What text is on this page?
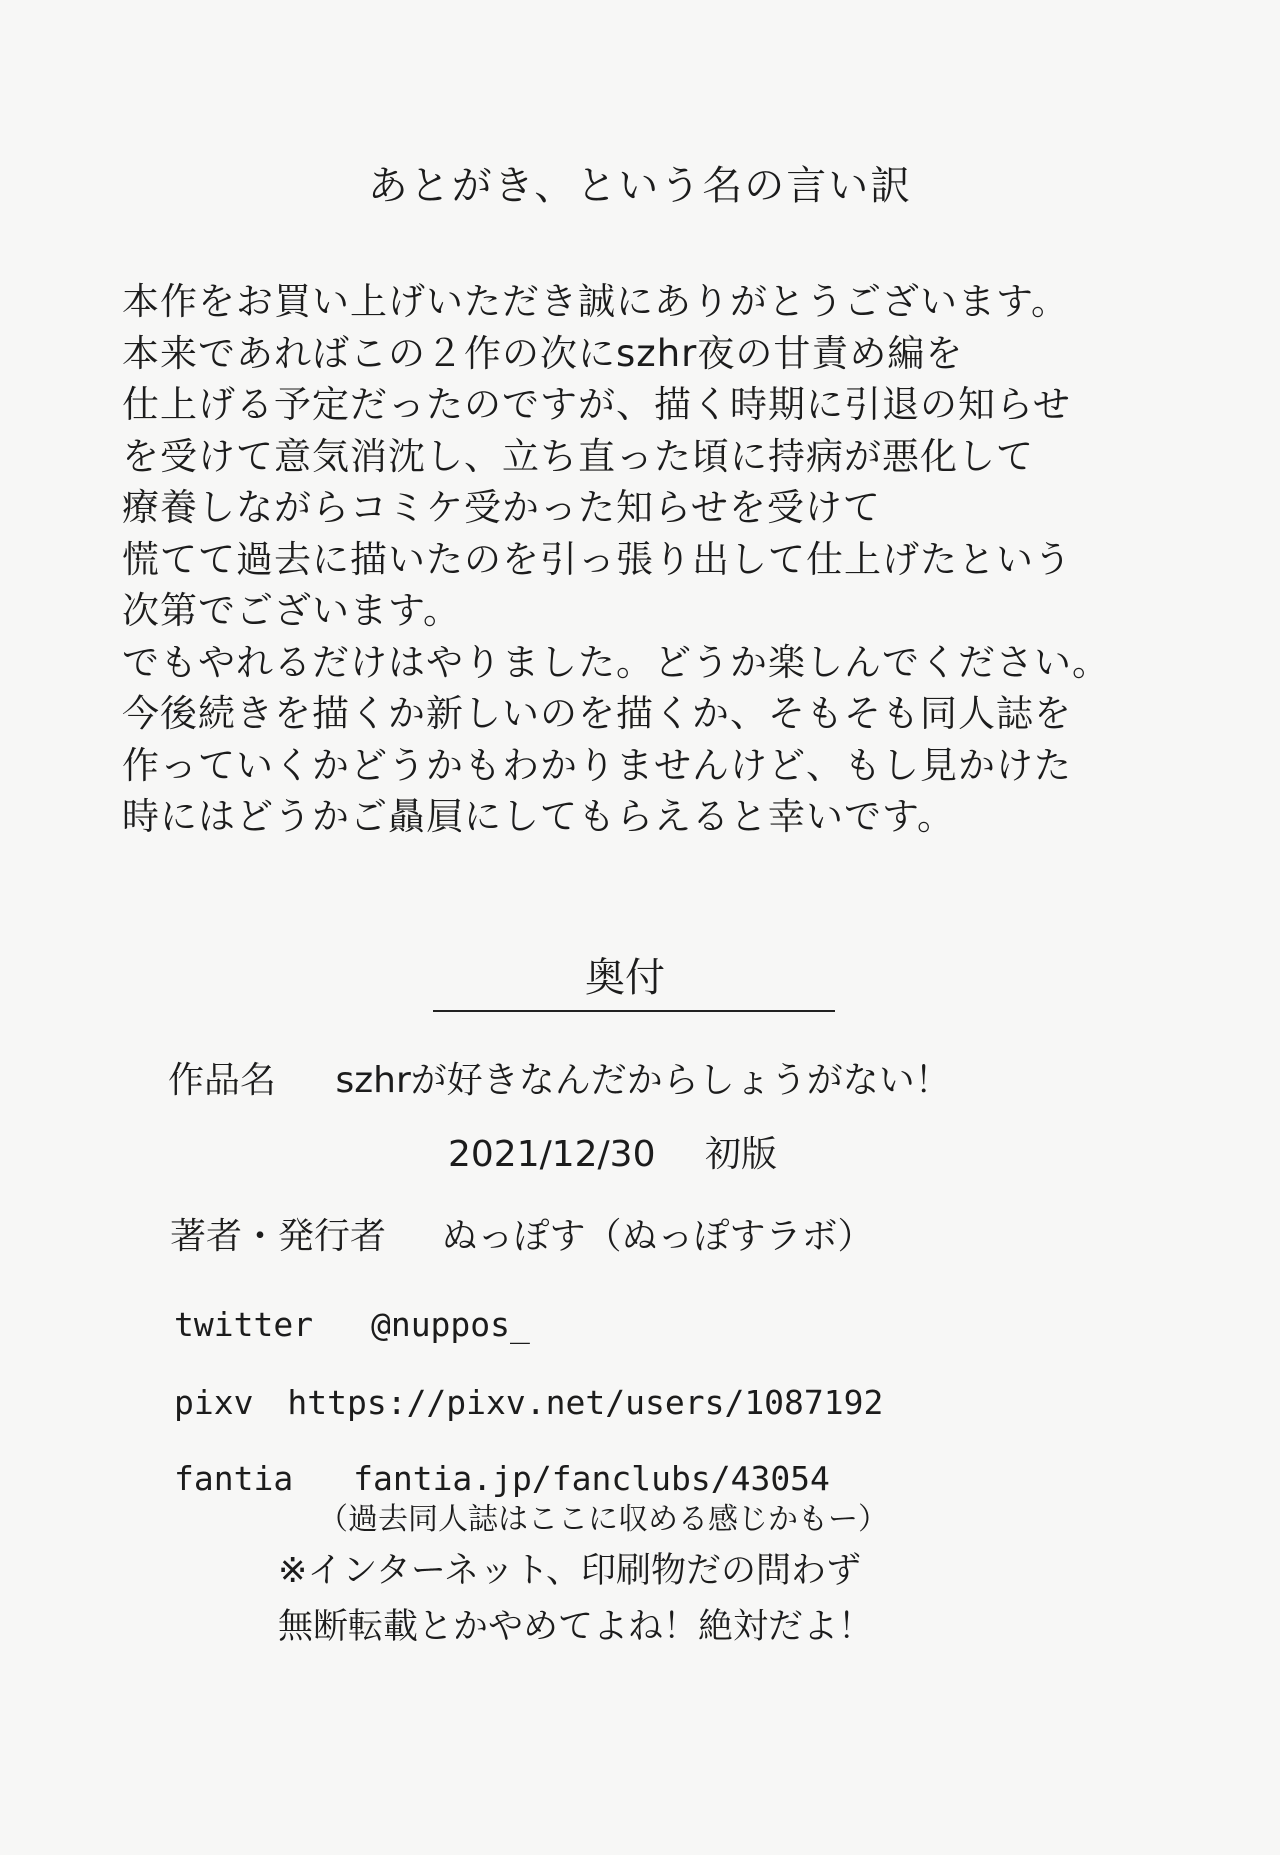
あとがき、という名の言い訳
本作をお買い上げいただき誠にありがとうございます。
本来であればこの２作の次にszhr夜の甘責め編を
仕上げる予定だったのですが、描く時期に引退の知らせ
を受けて意気消沈し、立ち直った頃に持病が悪化して
療養しながらコミケ受かった知らせを受けて
慌てて過去に描いたのを引っ張り出して仕上げたという
次第でございます。
でもやれるだけはやりました。どうか楽しんでください。
今後続きを描くか新しいのを描くか、そもそも同人誌を
作っていくかどうかもわかりませんけど、もし見かけた
時にはどうかご贔屓にしてもらえると幸いです。
奥付
作品名 szhrが好きなんだからしょうがない！
2021/12/30 初版
著者・発行者 ぬっぽす（ぬっぽすラボ）
twitter @nuppos_
pixv https://pixv.net/users/1087192
fantia fantia.jp/fanclubs/43054
（過去同人誌はここに収める感じかもー）
※インターネット、印刷物だの問わず
無断転載とかやめてよね！絶対だよ！
